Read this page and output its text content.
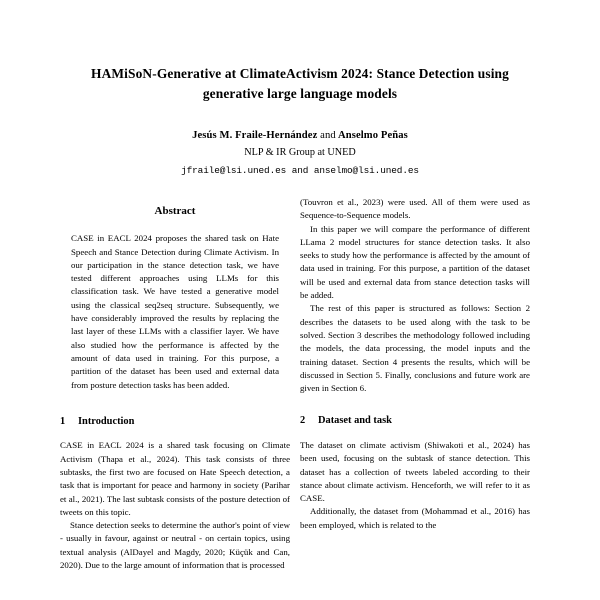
HAMiSoN-Generative at ClimateActivism 2024: Stance Detection using generative large language models
Jesús M. Fraile-Hernández and Anselmo Peñas
NLP & IR Group at UNED
jfraile@lsi.uned.es and anselmo@lsi.uned.es
Abstract
CASE in EACL 2024 proposes the shared task on Hate Speech and Stance Detection during Climate Activism. In our participation in the stance detection task, we have tested different approaches using LLMs for this classification task. We have tested a generative model using the classical seq2seq structure. Subsequently, we have considerably improved the results by replacing the last layer of these LLMs with a classifier layer. We have also studied how the performance is affected by the amount of data used in training. For this purpose, a partition of the dataset has been used and external data from posture detection tasks has been added.
1	Introduction

CASE in EACL 2024 is a shared task focusing on Climate Activism (Thapa et al., 2024). This task consists of three subtasks, the first two are focused on Hate Speech detection, a task that is important for peace and harmony in society (Parihar et al., 2021). The last subtask consists of the posture detection of tweets on this topic.

Stance detection seeks to determine the author's point of view - usually in favour, against or neutral - on certain topics, using textual analysis (AlDayel and Magdy, 2020; Küçük and Can, 2020). Due to the large amount of information that is processed

(Touvron et al., 2023) were used. All of them were used as Sequence-to-Sequence models.

In this paper we will compare the performance of different LLama 2 model structures for stance detection tasks. It also seeks to study how the performance is affected by the amount of data used in training. For this purpose, a partition of the dataset will be used and external data from stance detection tasks will be added.

The rest of this paper is structured as follows: Section 2 describes the datasets to be used along with the task to be solved. Section 3 describes the methodology followed including the models, the data processing, the model inputs and the training dataset. Section 4 presents the results, which will be discussed in Section 5. Finally, conclusions and future work are given in Section 6.

2	Dataset and task

The dataset on climate activism (Shiwakoti et al., 2024) has been used, focusing on the subtask of stance detection. This dataset has a collection of tweets labeled according to their stance about climate activism. Henceforth, we will refer to it as CASE.

Additionally, the dataset from (Mohammad et al., 2016) has been employed, which is related to the
